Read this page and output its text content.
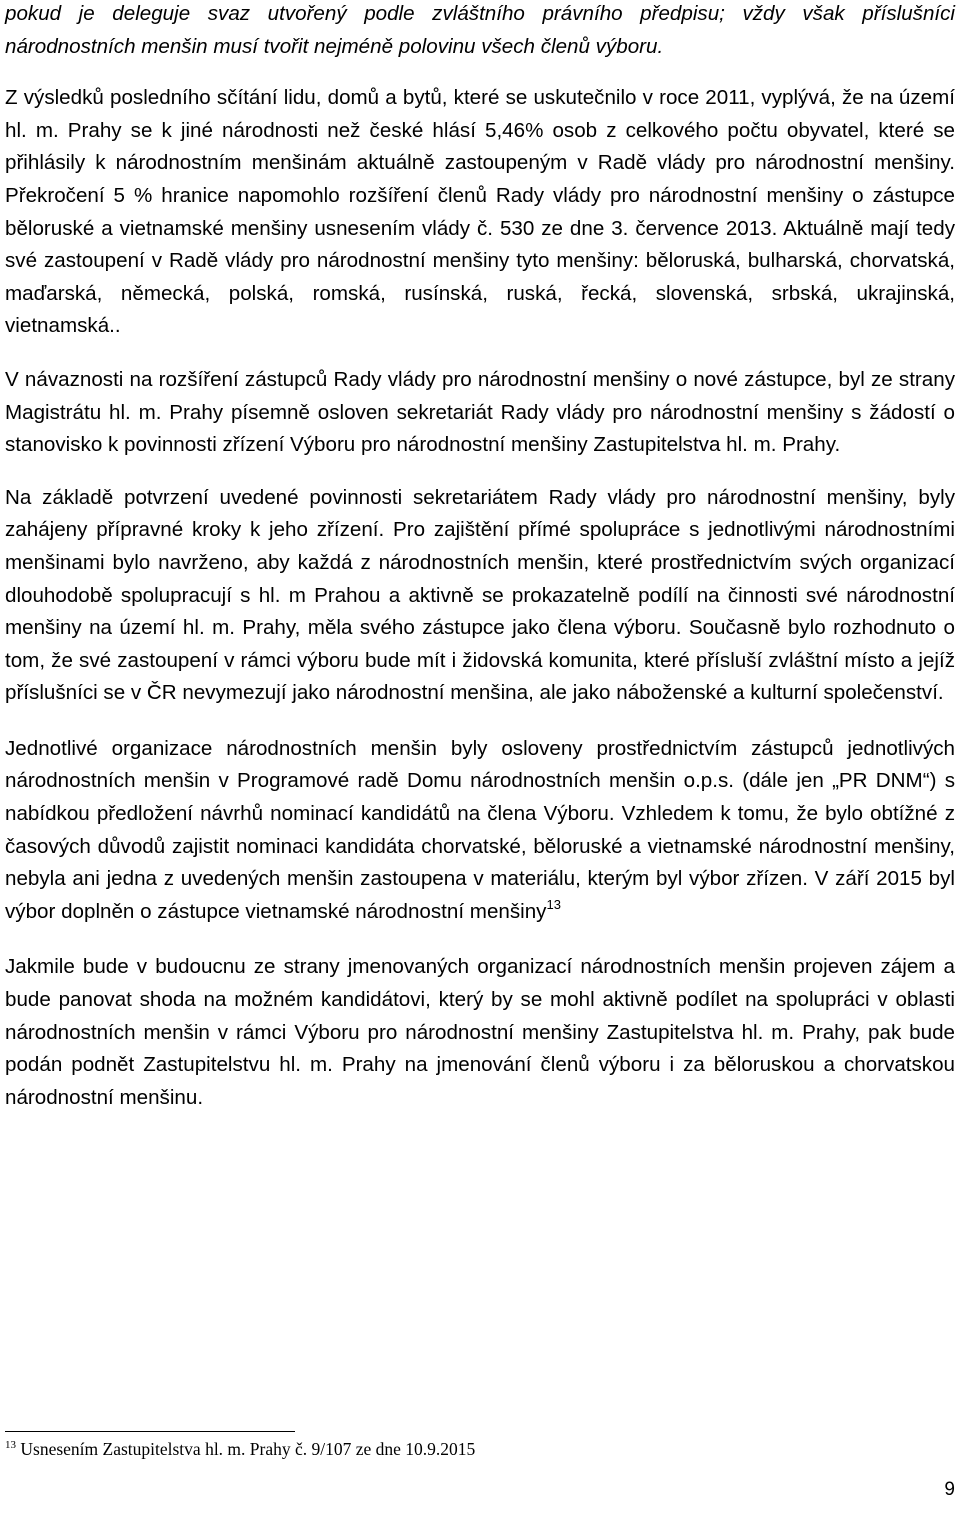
pokud je deleguje svaz utvořený podle zvláštního právního předpisu; vždy však příslušníci národnostních menšin musí tvořit nejméně polovinu všech členů výboru.

Z výsledků posledního sčítání lidu, domů a bytů, které se uskutečnilo v roce 2011, vyplývá, že na území hl. m. Prahy se k jiné národnosti než české hlásí 5,46% osob z celkového počtu obyvatel, které se přihlásily k národnostním menšinám aktuálně zastoupeným v Radě vlády pro národnostní menšiny. Překročení 5 % hranice napomohlo rozšíření členů Rady vlády pro národnostní menšiny o zástupce běloruské a vietnamské menšiny usnesením vlády č. 530 ze dne 3. července 2013. Aktuálně mají tedy své zastoupení v Radě vlády pro národnostní menšiny tyto menšiny: běloruská, bulharská, chorvatská, maďarská, německá, polská, romská, rusínská, ruská, řecká, slovenská, srbská, ukrajinská, vietnamská..

V návaznosti na rozšíření zástupců Rady vlády pro národnostní menšiny o nové zástupce, byl ze strany Magistrátu hl. m. Prahy písemně osloven sekretariát Rady vlády pro národnostní menšiny s žádostí o stanovisko k povinnosti zřízení Výboru pro národnostní menšiny Zastupitelstva hl. m. Prahy.

Na základě potvrzení uvedené povinnosti sekretariátem Rady vlády pro národnostní menšiny, byly zahájeny přípravné kroky k jeho zřízení. Pro zajištění přímé spolupráce s jednotlivými národnostními menšinami bylo navrženo, aby každá z národnostních menšin, které prostřednictvím svých organizací dlouhodobě spolupracují s hl. m Prahou a aktivně se prokazatelně podílí na činnosti své národnostní menšiny na území hl. m. Prahy, měla svého zástupce jako člena výboru. Současně bylo rozhodnuto o tom, že své zastoupení v rámci výboru bude mít i židovská komunita, které přísluší zvláštní místo a jejíž příslušníci se v ČR nevymezují jako národnostní menšina, ale jako náboženské a kulturní společenství.

Jednotlivé organizace národnostních menšin byly osloveny prostřednictvím zástupců jednotlivých národnostních menšin v Programové radě Domu národnostních menšin o.p.s. (dále jen „PR DNM“) s nabídkou předložení návrhů nominací kandidátů na člena Výboru. Vzhledem k tomu, že bylo obtížné z časových důvodů zajistit nominaci kandidáta chorvatské, běloruské a vietnamské národnostní menšiny, nebyla ani jedna z uvedených menšin zastoupena v materiálu, kterým byl výbor zřízen. V září 2015 byl výbor doplněn o zástupce vietnamské národnostní menšiny$^{13}$

Jakmile bude v budoucnu ze strany jmenovaných organizací národnostních menšin projeven zájem a bude panovat shoda na možném kandidátovi, který by se mohl aktivně podílet na spolupráci v oblasti národnostních menšin v rámci Výboru pro národnostní menšiny Zastupitelstva hl. m. Prahy, pak bude podán podnět Zastupitelstvu hl. m. Prahy na jmenování členů výboru i za běloruskou a chorvatskou národnostní menšinu.

$^{13}$ Usnesením Zastupitelstva hl. m. Prahy č. 9/107 ze dne 10.9.2015
9
